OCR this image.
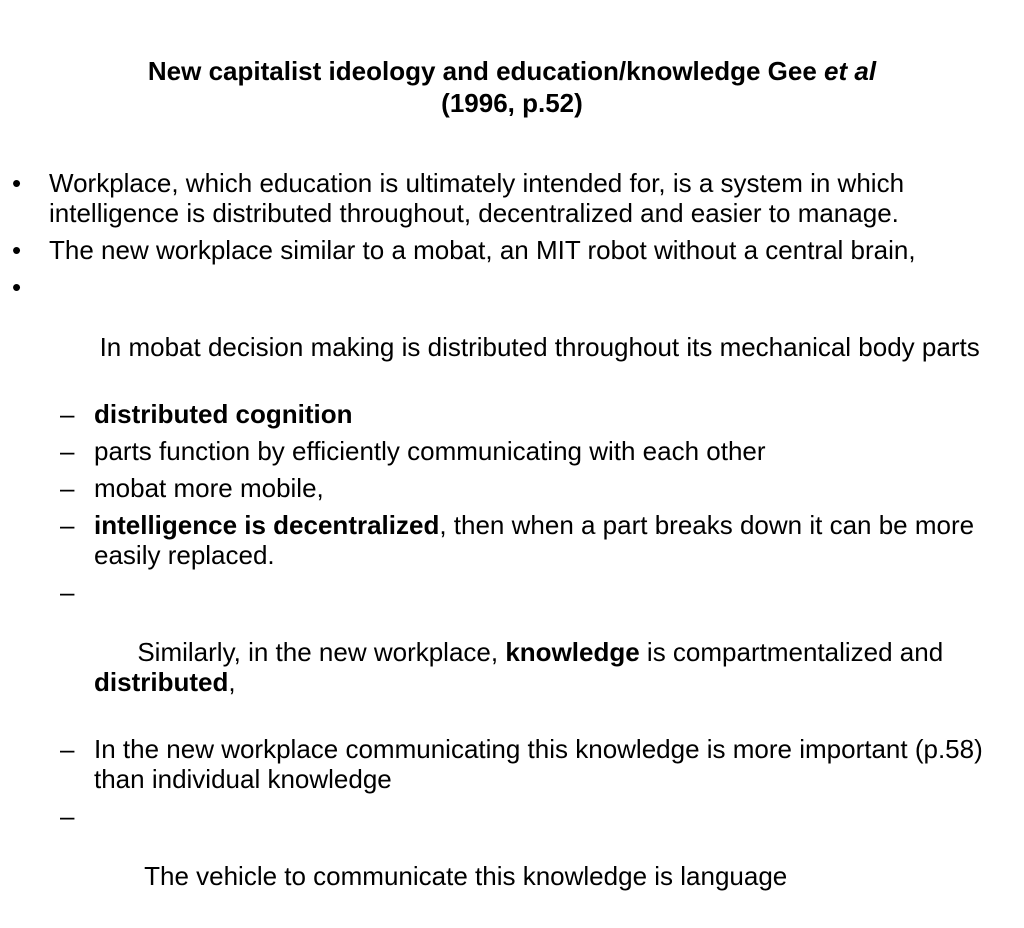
New capitalist ideology and education/knowledge Gee et al
(1996, p.52)
• Workplace, which education is ultimately intended for, is a system in which intelligence is distributed throughout, decentralized and easier to manage.
• The new workplace similar to a mobat, an MIT robot without a central brain,

•

In mobat decision making is distributed throughout its mechanical body parts

– distributed cognition
– parts function by efficiently communicating with each other
– mobat more mobile,
– intelligence is decentralized, then when a part breaks down it can be more easily replaced.

–

Similarly, in the new workplace, knowledge is compartmentalized and distributed,

– In the new workplace communicating this knowledge is more important (p.58) than individual knowledge

–

The vehicle to communicate this knowledge is language
